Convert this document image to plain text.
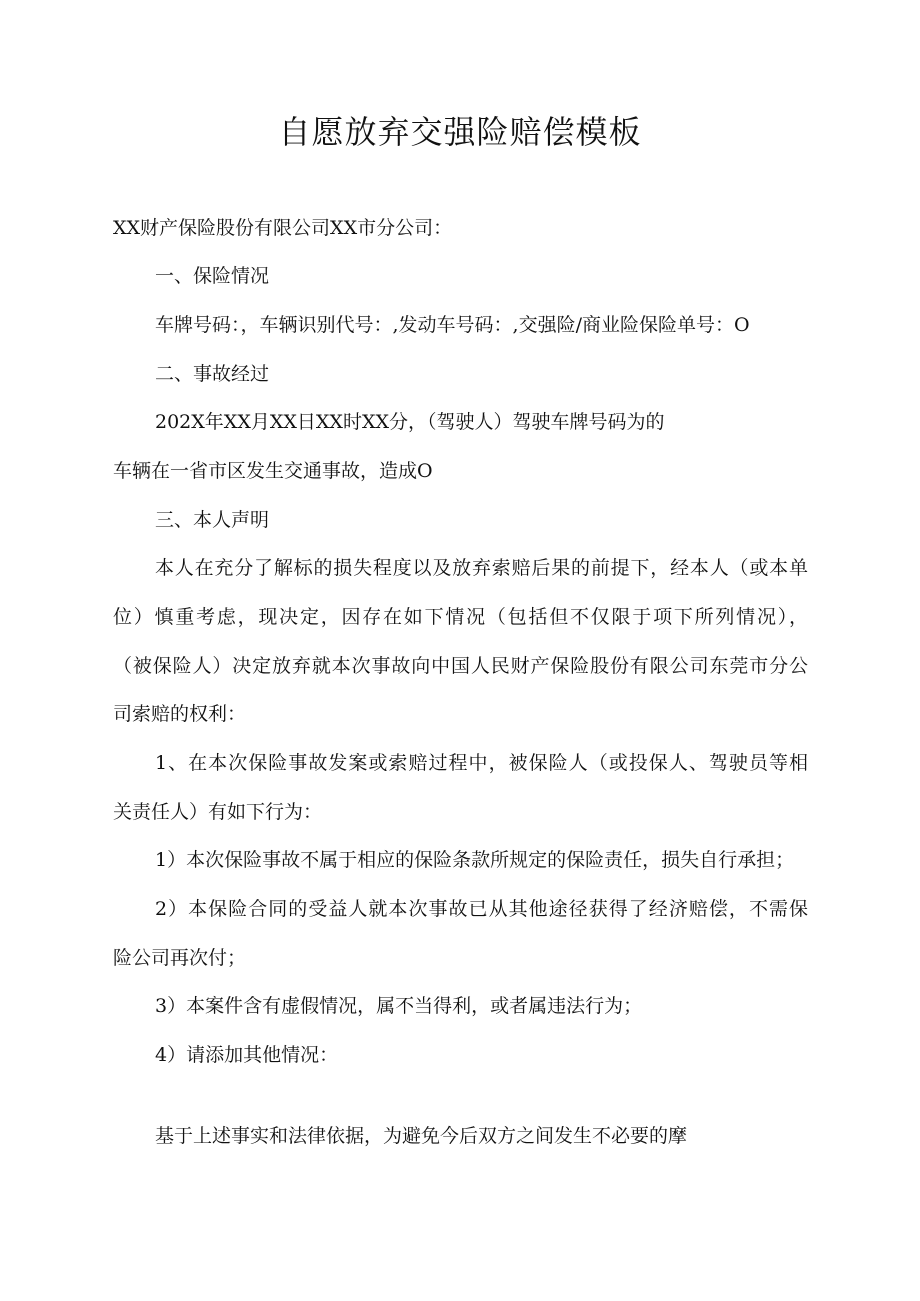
自愿放弃交强险赔偿模板

XX财产保险股份有限公司XX市分公司：

一、保险情况

车牌号码：，车辆识别代号：,发动车号码：,交强险/商业险保险单号：O

二、事故经过

202X年XX月XX日XX时XX分，（驾驶人）驾驶车牌号码为的

车辆在一省市区发生交通事故，造成O

三、本人声明

本人在充分了解标的损失程度以及放弃索赔后果的前提下，经本人（或本单

位）慎重考虑，现决定，因存在如下情况（包括但不仅限于项下所列情况），

（被保险人）决定放弃就本次事故向中国人民财产保险股份有限公司东莞市分公

司索赔的权利：

1、在本次保险事故发案或索赔过程中，被保险人（或投保人、驾驶员等相

关责任人）有如下行为：

1）本次保险事故不属于相应的保险条款所规定的保险责任，损失自行承担；

2）本保险合同的受益人就本次事故已从其他途径获得了经济赔偿，不需保

险公司再次付；

3）本案件含有虚假情况，属不当得利，或者属违法行为；

4）请添加其他情况：

基于上述事实和法律依据，为避免今后双方之间发生不必要的摩
